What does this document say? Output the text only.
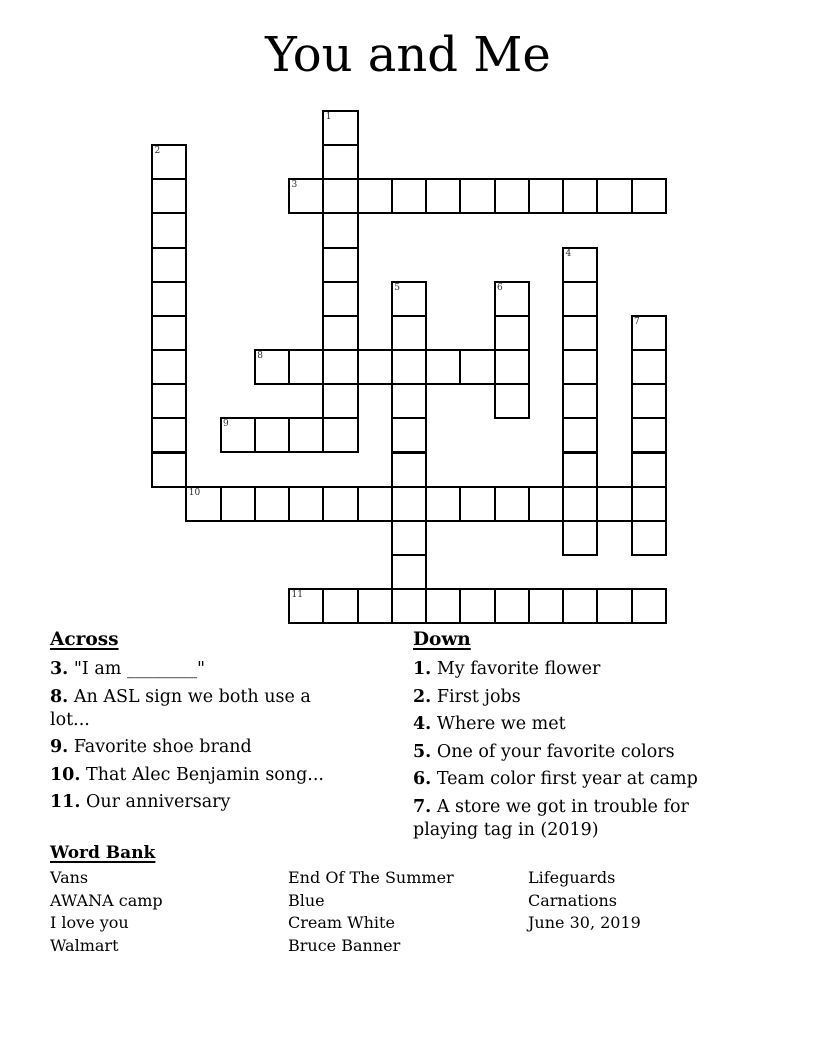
You and Me
1
2
3
4
5	6
7
8
9
10
11
Across
3. "I am ________"
8. An ASL sign we both use a lot...
9. Favorite shoe brand
10. That Alec Benjamin song...
11. Our anniversary
Down
1. My favorite flower
2. First jobs
4. Where we met
5. One of your favorite colors
6. Team color first year at camp
7. A store we got in trouble for playing tag in (2019)
Word Bank
Vans
AWANA camp
I love you
Walmart
End Of The Summer
Blue
Cream White
Bruce Banner
Lifeguards
Carnations
June 30, 2019
